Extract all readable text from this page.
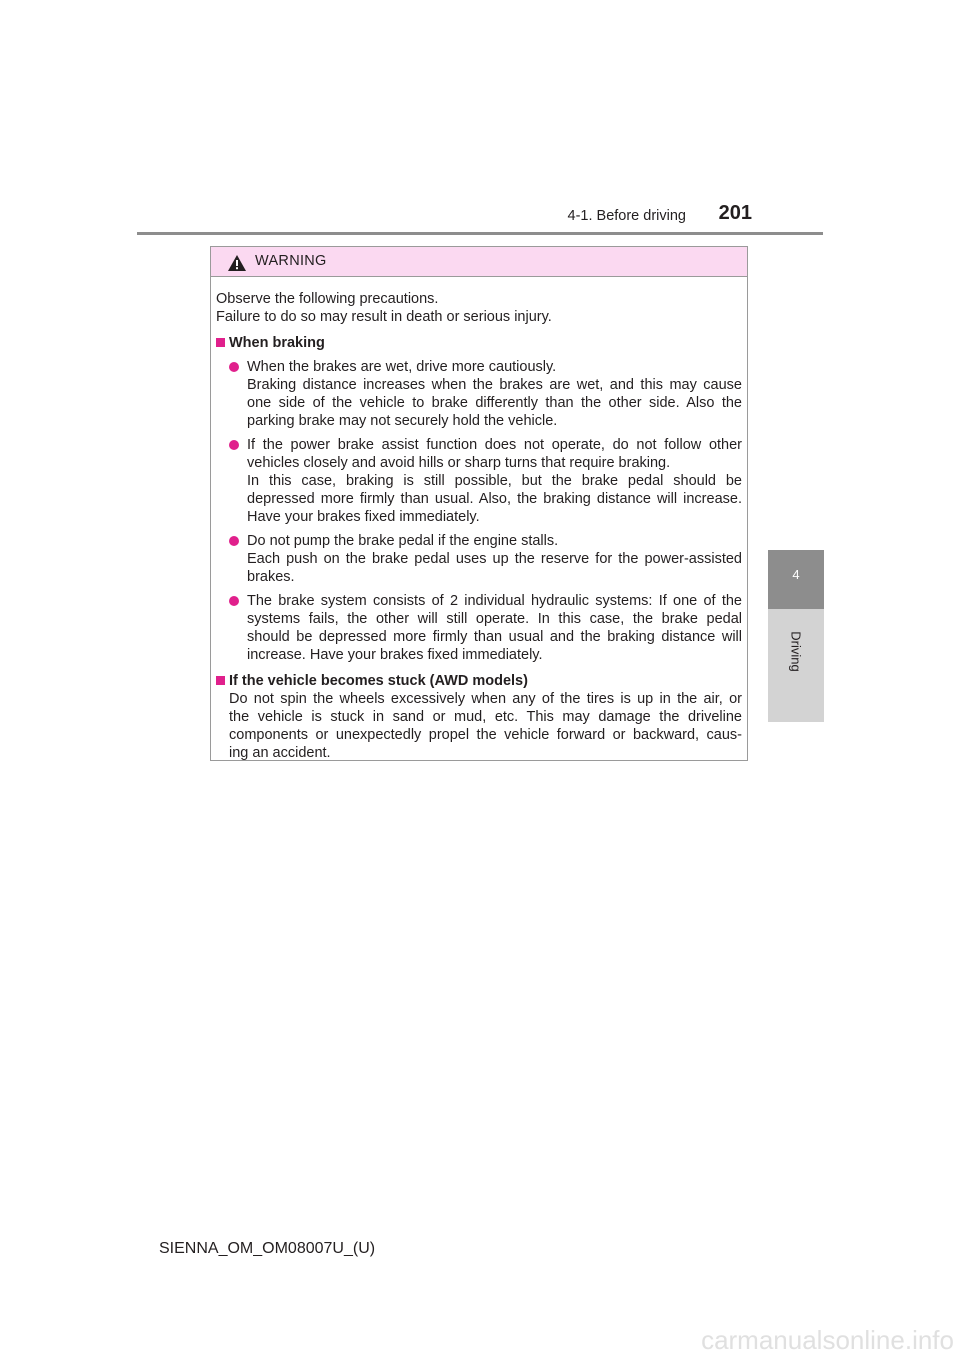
4-1. Before driving 201
4
Driving
WARNING

Observe the following precautions.
Failure to do so may result in death or serious injury.

When braking
When the brakes are wet, drive more cautiously.
Braking distance increases when the brakes are wet, and this may cause
one side of the vehicle to brake differently than the other side. Also the
parking brake may not securely hold the vehicle.
If the power brake assist function does not operate, do not follow other
vehicles closely and avoid hills or sharp turns that require braking.
In this case, braking is still possible, but the brake pedal should be
depressed more firmly than usual. Also, the braking distance will increase.
Have your brakes fixed immediately.
Do not pump the brake pedal if the engine stalls.
Each push on the brake pedal uses up the reserve for the power-assisted
brakes.
The brake system consists of 2 individual hydraulic systems: If one of the
systems fails, the other will still operate. In this case, the brake pedal
should be depressed more firmly than usual and the braking distance will
increase. Have your brakes fixed immediately.
If the vehicle becomes stuck (AWD models)
Do not spin the wheels excessively when any of the tires is up in the air, or
the vehicle is stuck in sand or mud, etc. This may damage the driveline
components or unexpectedly propel the vehicle forward or backward, caus-
ing an accident.
SIENNA_OM_OM08007U_(U)
carmanualsonline.info
